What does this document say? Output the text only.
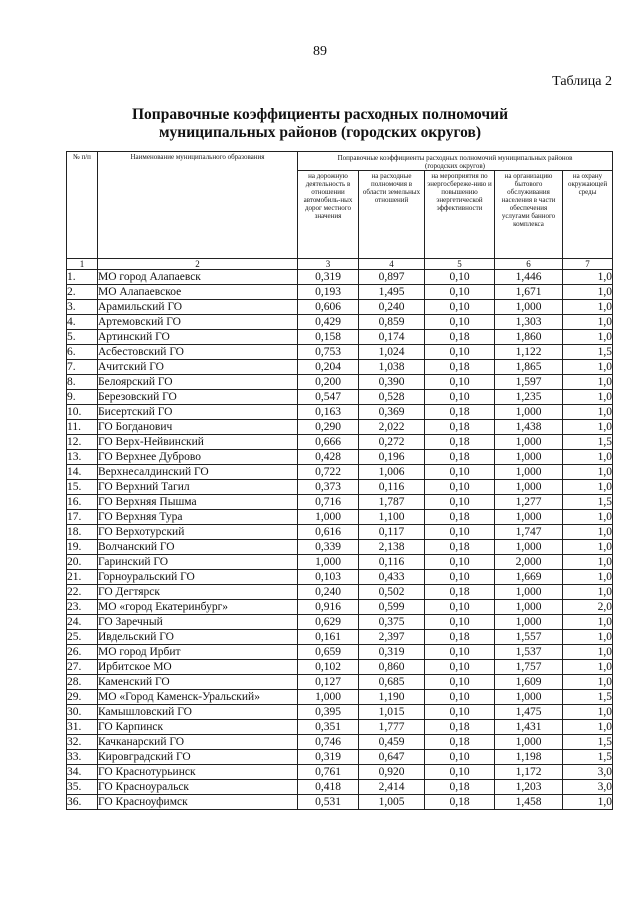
89
Таблица 2
Поправочные коэффициенты расходных полномочий
муниципальных районов (городских округов)
№ п/п	Наименование муниципального образования	Поправочные коэффициенты расходных полномочий муниципальных районов
(городских округов)				

		на дорожную деятельность в отношении автомобиль-ных дорог местного значения	на расходные полномочия в области земельных отношений	на мероприятия по энергосбереже-нию и повышению энергетической эффективности	на организацию бытового обслуживания населения в части обеспечения услугами банного комплекса	на охрану окружающей среды
1	2	3	4	5	6	7
1.	МО город Алапаевск	0,319	0,897	0,10	1,446	1,0
2.	МО Алапаевское	0,193	1,495	0,10	1,671	1,0
3.	Арамильский ГО	0,606	0,240	0,10	1,000	1,0
4.	Артемовский ГО	0,429	0,859	0,10	1,303	1,0
5.	Артинский ГО	0,158	0,174	0,18	1,860	1,0
6.	Асбестовский ГО	0,753	1,024	0,10	1,122	1,5
7.	Ачитский ГО	0,204	1,038	0,18	1,865	1,0
8.	Белоярский ГО	0,200	0,390	0,10	1,597	1,0
9.	Березовский ГО	0,547	0,528	0,10	1,235	1,0
10.	Бисертский ГО	0,163	0,369	0,18	1,000	1,0
11.	ГО Богданович	0,290	2,022	0,18	1,438	1,0
12.	ГО Верх-Нейвинский	0,666	0,272	0,18	1,000	1,5
13.	ГО Верхнее Дуброво	0,428	0,196	0,18	1,000	1,0
14.	Верхнесалдинский ГО	0,722	1,006	0,10	1,000	1,0
15.	ГО Верхний Тагил	0,373	0,116	0,10	1,000	1,0
16.	ГО Верхняя Пышма	0,716	1,787	0,10	1,277	1,5
17.	ГО Верхняя Тура	1,000	1,100	0,18	1,000	1,0
18.	ГО Верхотурский	0,616	0,117	0,10	1,747	1,0
19.	Волчанский ГО	0,339	2,138	0,18	1,000	1,0
20.	Гаринский ГО	1,000	0,116	0,10	2,000	1,0
21.	Горноуральский ГО	0,103	0,433	0,10	1,669	1,0
22.	ГО Дегтярск	0,240	0,502	0,18	1,000	1,0
23.	МО «город Екатеринбург»	0,916	0,599	0,10	1,000	2,0
24.	ГО Заречный	0,629	0,375	0,10	1,000	1,0
25.	Ивдельский ГО	0,161	2,397	0,18	1,557	1,0
26.	МО город Ирбит	0,659	0,319	0,10	1,537	1,0
27.	Ирбитское МО	0,102	0,860	0,10	1,757	1,0
28.	Каменский ГО	0,127	0,685	0,10	1,609	1,0
29.	МО «Город Каменск-Уральский»	1,000	1,190	0,10	1,000	1,5
30.	Камышловский ГО	0,395	1,015	0,10	1,475	1,0
31.	ГО Карпинск	0,351	1,777	0,18	1,431	1,0
32.	Качканарский ГО	0,746	0,459	0,18	1,000	1,5
33.	Кировградский ГО	0,319	0,647	0,10	1,198	1,5
34.	ГО Краснотурьинск	0,761	0,920	0,10	1,172	3,0
35.	ГО Красноуральск	0,418	2,414	0,18	1,203	3,0
36.	ГО Красноуфимск	0,531	1,005	0,18	1,458	1,0
